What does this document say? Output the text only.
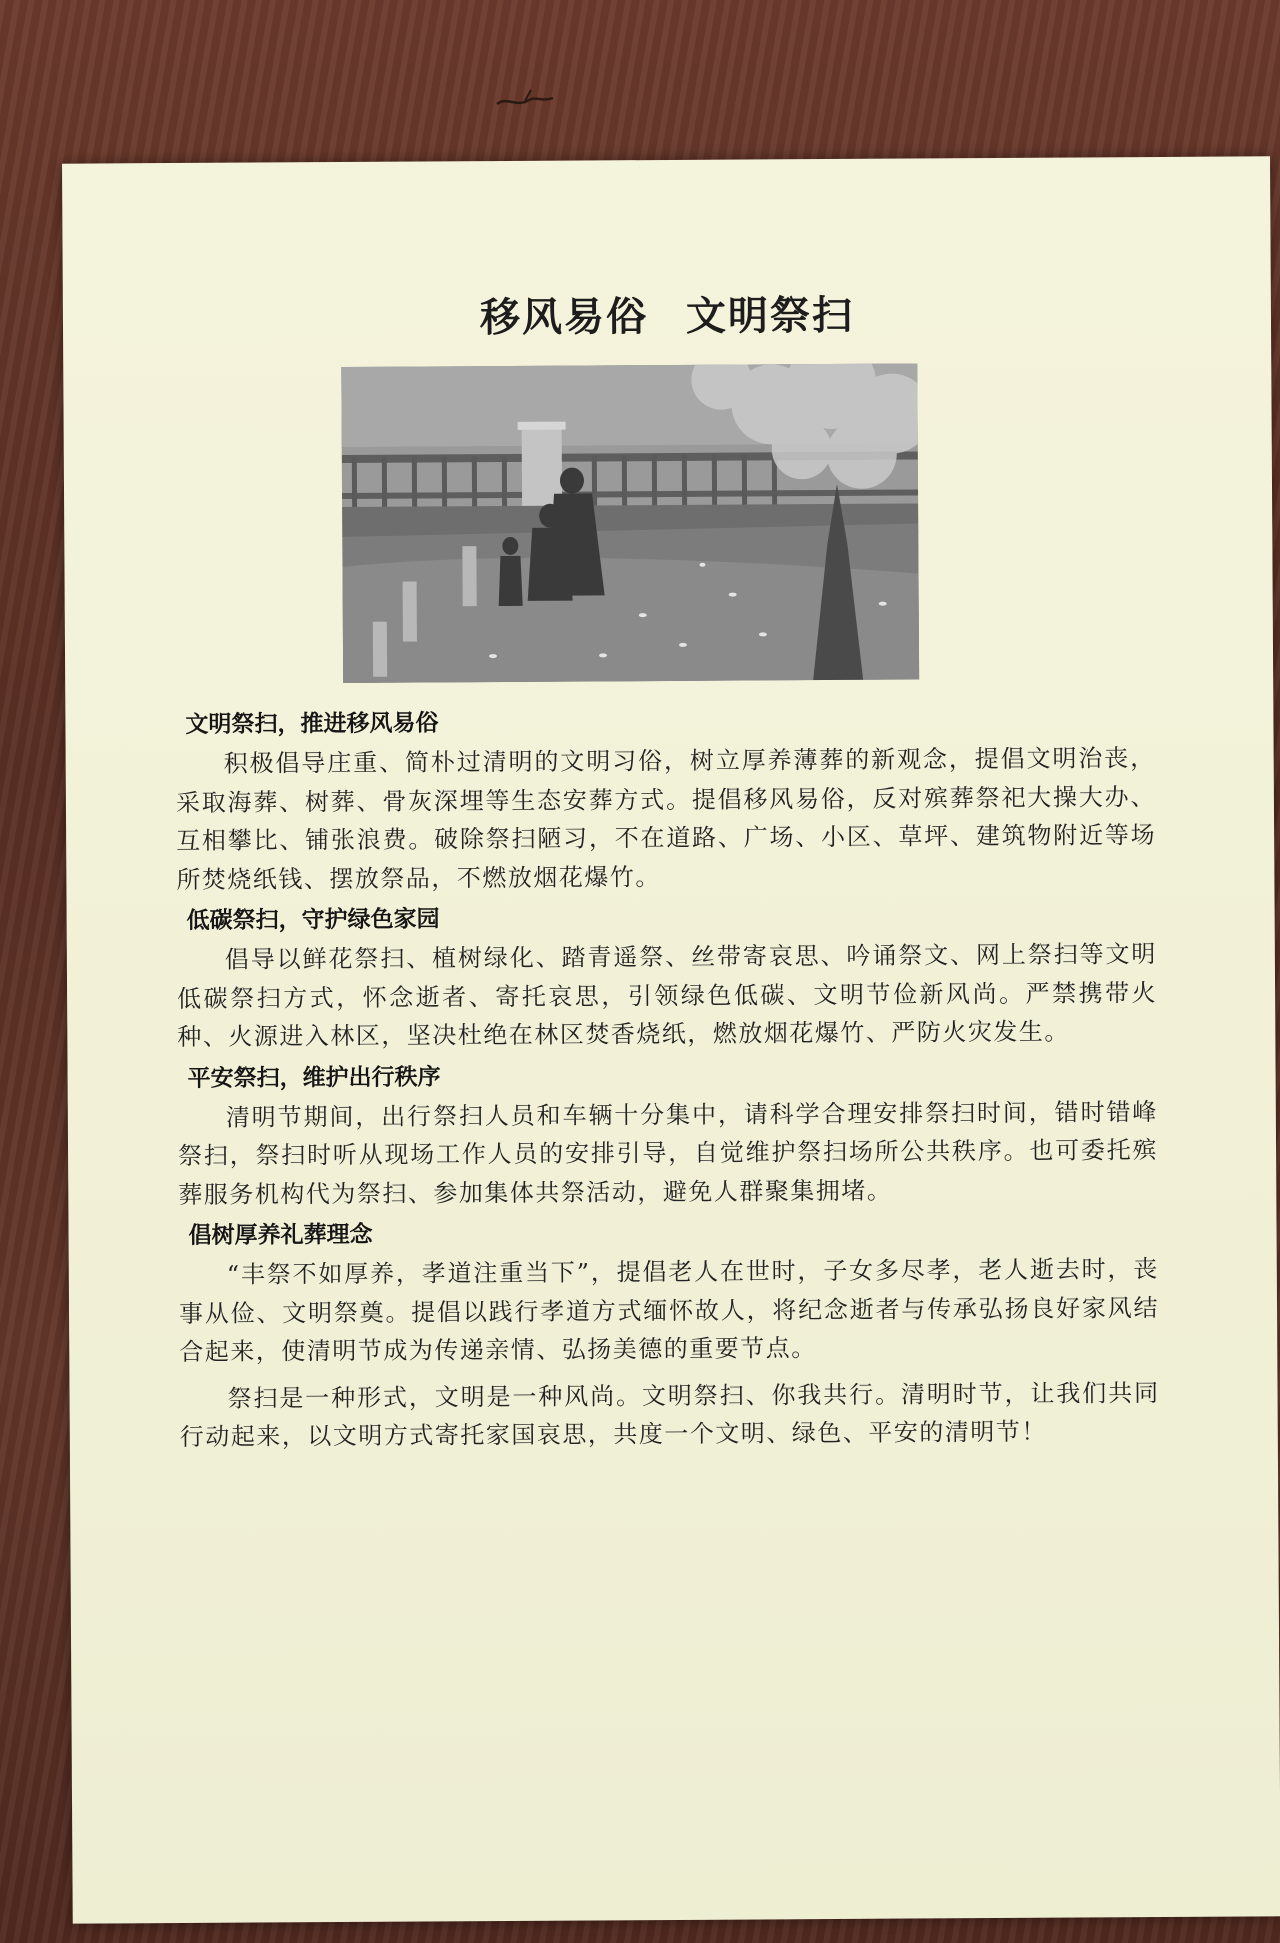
移风易俗 文明祭扫
文明祭扫，推进移风易俗

积极倡导庄重、简朴过清明的文明习俗，树立厚养薄葬的新观念，提倡文明治丧，采取海葬、树葬、骨灰深埋等生态安葬方式。提倡移风易俗，反对殡葬祭祀大操大办、互相攀比、铺张浪费。破除祭扫陋习，不在道路、广场、小区、草坪、建筑物附近等场所焚烧纸钱、摆放祭品，不燃放烟花爆竹。

低碳祭扫，守护绿色家园

倡导以鲜花祭扫、植树绿化、踏青遥祭、丝带寄哀思、吟诵祭文、网上祭扫等文明低碳祭扫方式，怀念逝者、寄托哀思，引领绿色低碳、文明节俭新风尚。严禁携带火种、火源进入林区，坚决杜绝在林区焚香烧纸，燃放烟花爆竹、严防火灾发生。

平安祭扫，维护出行秩序

清明节期间，出行祭扫人员和车辆十分集中，请科学合理安排祭扫时间，错时错峰祭扫，祭扫时听从现场工作人员的安排引导，自觉维护祭扫场所公共秩序。也可委托殡葬服务机构代为祭扫、参加集体共祭活动，避免人群聚集拥堵。

倡树厚养礼葬理念

“丰祭不如厚养，孝道注重当下”，提倡老人在世时，子女多尽孝，老人逝去时，丧事从俭、文明祭奠。提倡以践行孝道方式缅怀故人，将纪念逝者与传承弘扬良好家风结合起来，使清明节成为传递亲情、弘扬美德的重要节点。

祭扫是一种形式，文明是一种风尚。文明祭扫、你我共行。清明时节，让我们共同行动起来，以文明方式寄托家国哀思，共度一个文明、绿色、平安的清明节！
